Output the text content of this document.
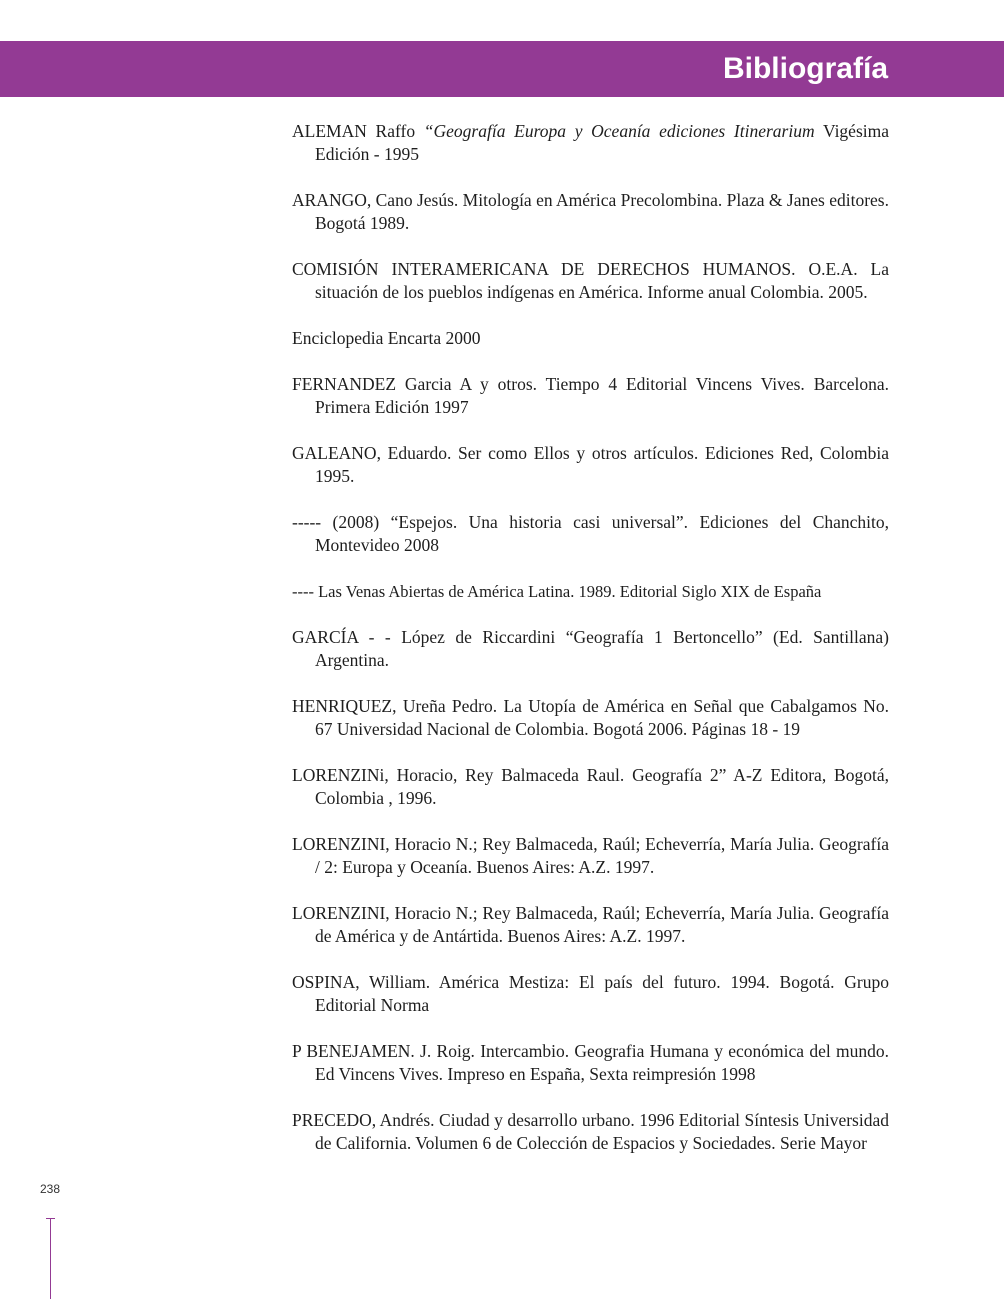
Bibliografía
ALEMAN Raffo “Geografía Europa y Oceanía ediciones Itinerarium Vigésima Edición - 1995
ARANGO, Cano Jesús. Mitología en América Precolombina. Plaza & Janes editores. Bogotá 1989.
COMISIÓN INTERAMERICANA DE DERECHOS HUMANOS. O.E.A. La situación de los pueblos indígenas en América. Informe anual Colombia. 2005.
Enciclopedia Encarta 2000
FERNANDEZ Garcia A y otros. Tiempo 4 Editorial Vincens Vives. Barcelona. Primera Edición 1997
GALEANO, Eduardo. Ser como Ellos y otros artículos. Ediciones Red, Colombia 1995.
----- (2008) “Espejos. Una historia casi universal”. Ediciones del Chanchito, Montevideo 2008
---- Las Venas Abiertas de América Latina. 1989. Editorial Siglo XIX de España
GARCÍA - - López de Riccardini “Geografía 1 Bertoncello” (Ed. Santillana) Argentina.
HENRIQUEZ, Ureña Pedro. La Utopía de América en Señal que Cabalgamos No. 67 Universidad Nacional de Colombia. Bogotá 2006. Páginas 18 - 19
LORENZINi, Horacio, Rey Balmaceda Raul. Geografía 2” A-Z Editora, Bogotá, Colombia , 1996.
LORENZINI, Horacio N.; Rey Balmaceda, Raúl; Echeverría, María Julia. Geografía / 2: Europa y Oceanía. Buenos Aires: A.Z. 1997.
LORENZINI, Horacio N.; Rey Balmaceda, Raúl; Echeverría, María Julia. Geografía de América y de Antártida. Buenos Aires: A.Z. 1997.
OSPINA, William. América Mestiza: El país del futuro. 1994. Bogotá. Grupo Editorial Norma
P BENEJAMEN. J. Roig. Intercambio. Geografia Humana y económica del mundo. Ed Vincens Vives. Impreso en España, Sexta reimpresión 1998
PRECEDO, Andrés. Ciudad y desarrollo urbano. 1996 Editorial Síntesis Universidad de California. Volumen 6 de Colección de Espacios y Sociedades. Serie Mayor
238
